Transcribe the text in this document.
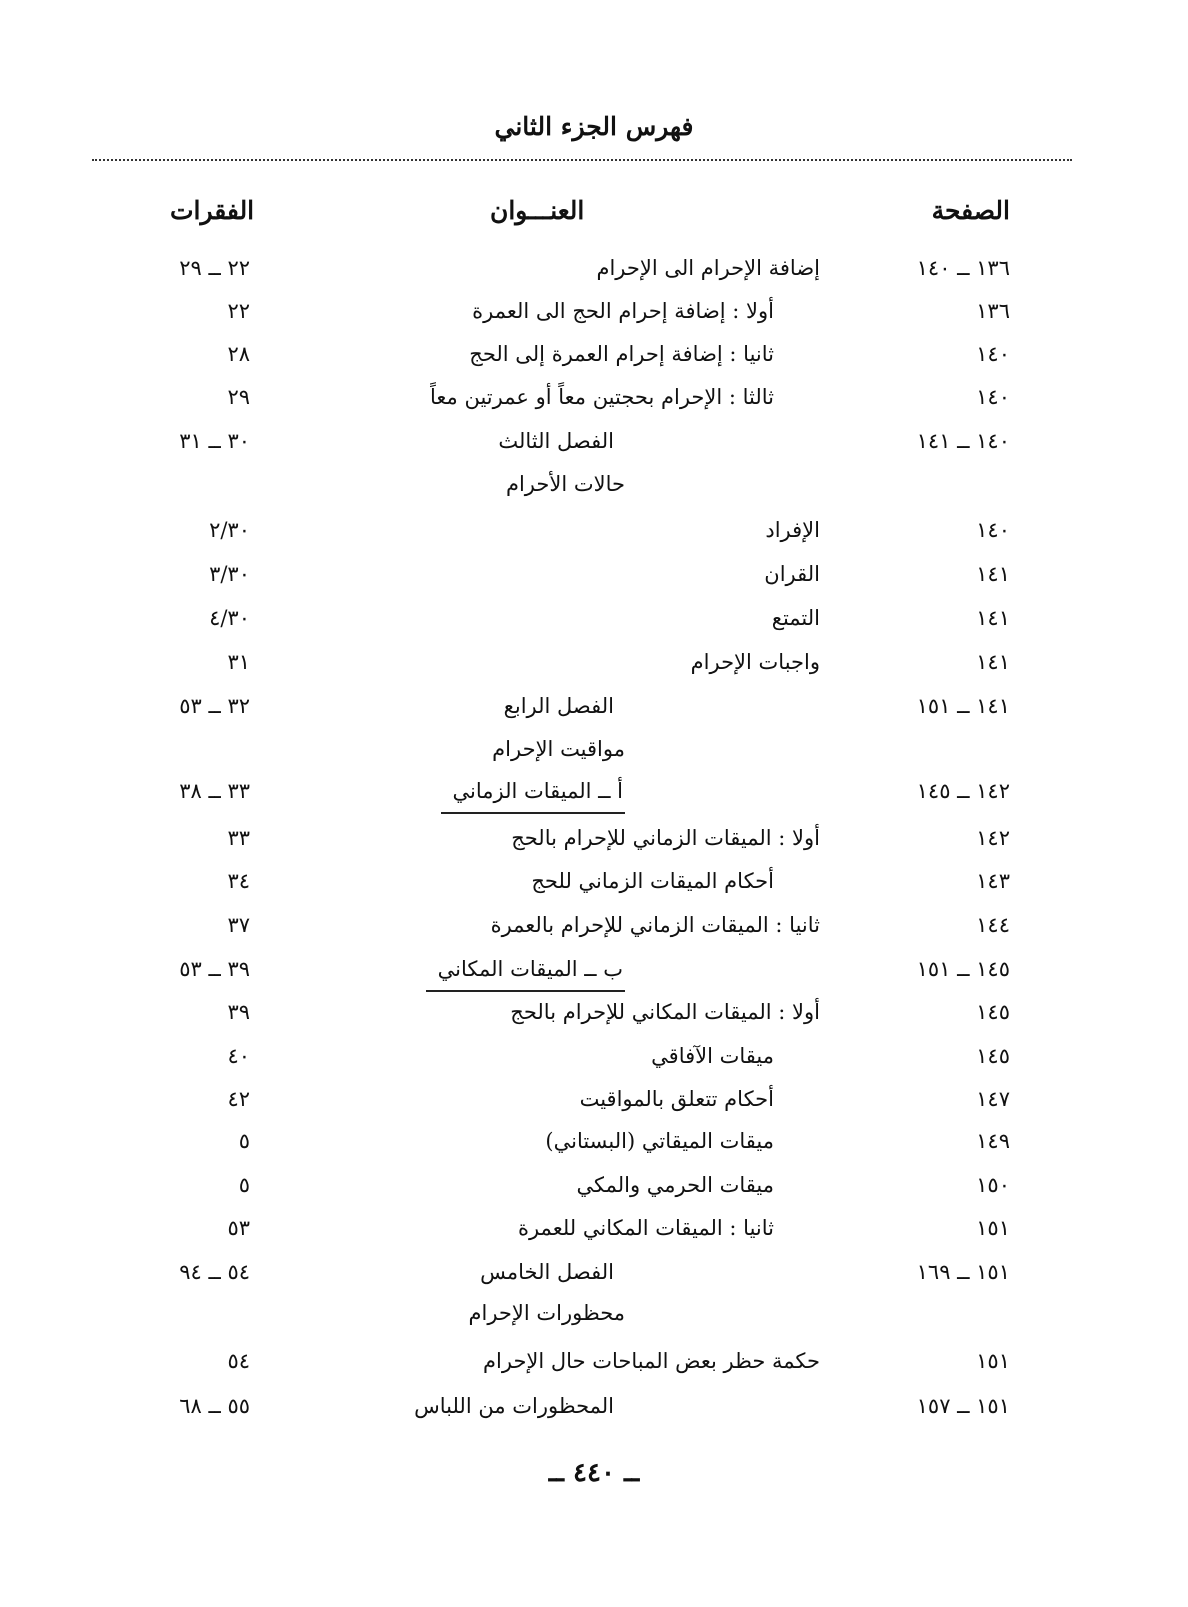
فهرس الجزء الثاني
الصفحة
العنـــوان
الفقرات
١٣٦ ــ ١٤٠
إضافة الإحرام الى الإحرام
٢٢ ــ ٢٩
١٣٦
أولا : إضافة إحرام الحج الى العمرة
٢٢
١٤٠
ثانيا : إضافة إحرام العمرة إلى الحج
٢٨
١٤٠
ثالثا : الإحرام بحجتين معاً أو عمرتين معاً
٢٩
١٤٠ ــ ١٤١
الفصل الثالث
٣٠ ــ ٣١
حالات الأحرام
١٤٠
الإفراد
٢/٣٠
١٤١
القران
٣/٣٠
١٤١
التمتع
٤/٣٠
١٤١
واجبات الإحرام
٣١
١٤١ ــ ١٥١
الفصل الرابع
٣٢ ــ ٥٣
مواقيت الإحرام
١٤٢ ــ ١٤٥
أ ــ الميقات الزماني
٣٣ ــ ٣٨
١٤٢
أولا : الميقات الزماني للإحرام بالحج
٣٣
١٤٣
أحكام الميقات الزماني للحج
٣٤
١٤٤
ثانيا : الميقات الزماني للإحرام بالعمرة
٣٧
١٤٥ ــ ١٥١
ب ــ الميقات المكاني
٣٩ ــ ٥٣
١٤٥
أولا : الميقات المكاني للإحرام بالحج
٣٩
١٤٥
ميقات الآفاقي
٤٠
١٤٧
أحكام تتعلق بالمواقيت
٤٢
١٤٩
ميقات الميقاتي (البستاني)
٥
١٥٠
ميقات الحرمي والمكي
٥
١٥١
ثانيا : الميقات المكاني للعمرة
٥٣
١٥١ ــ ١٦٩
الفصل الخامس
٥٤ ــ ٩٤
محظورات الإحرام
١٥١
حكمة حظر بعض المباحات حال الإحرام
٥٤
١٥١ ــ ١٥٧
المحظورات من اللباس
٥٥ ــ ٦٨
ــ ٤٤٠ ــ
